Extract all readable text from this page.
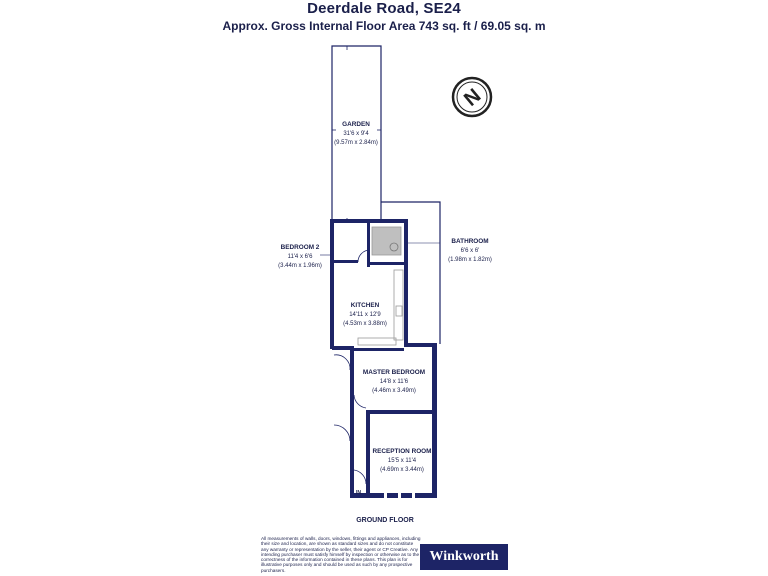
Deerdale Road, SE24
Approx. Gross Internal Floor Area 743 sq. ft / 69.05 sq. m
GARDEN
31'6 x 9'4
(9.57m x 2.84m)
BEDROOM 2
11'4 x 6'6
(3.44m x 1.96m)
BATHROOM
6'6 x 6'
(1.98m x 1.82m)
KITCHEN
14'11 x 12'9
(4.53m x 3.88m)
MASTER BEDROOM
14'8 x 11'6
(4.46m x 3.49m)
RECEPTION ROOM
15'5 x 11'4
(4.69m x 3.44m)
N
IN
GROUND FLOOR
All measurements of walls, doors, windows, fittings and appliances, including their size and location, are shown as standard sizes and do not constitute any warranty or representation by the seller, their agent or CP Creative. Any intending purchaser must satisfy himself by inspection or otherwise as to the correctness of the information contained in these plans. This plan is for illustrative purposes only and should be used as such by any prospective purchasers.
Winkworth
